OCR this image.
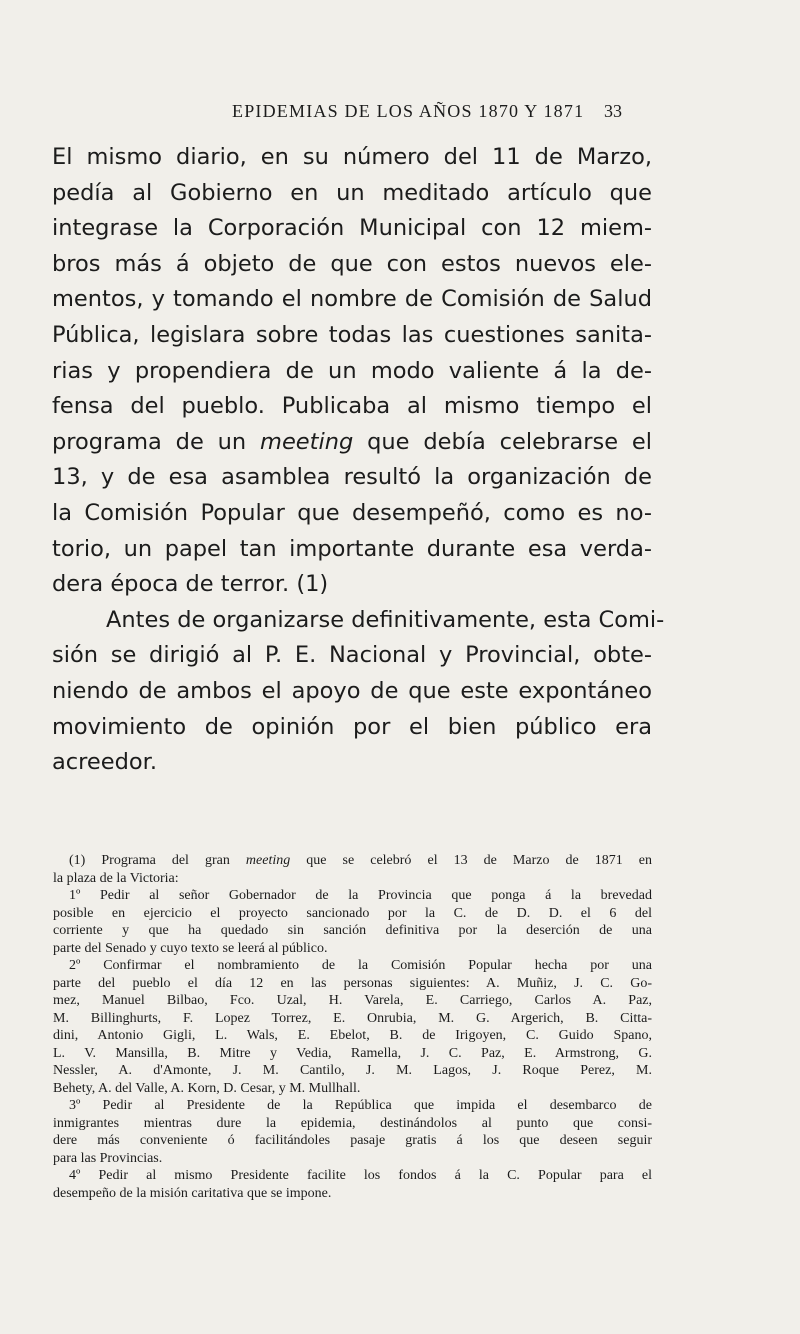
EPIDEMIAS DE LOS AÑOS 1870 Y 1871 33
El mismo diario, en su número del 11 de Marzo,
pedía al Gobierno en un meditado artículo que
integrase la Corporación Municipal con 12 miem-
bros más á objeto de que con estos nuevos ele-
mentos, y tomando el nombre de Comisión de Salud
Pública, legislara sobre todas las cuestiones sanita-
rias y propendiera de un modo valiente á la de-
fensa del pueblo. Publicaba al mismo tiempo el
programa de un meeting que debía celebrarse el
13, y de esa asamblea resultó la organización de
la Comisión Popular que desempeñó, como es no-
torio, un papel tan importante durante esa verda-
dera época de terror. (1)
Antes de organizarse definitivamente, esta Comi-
sión se dirigió al P. E. Nacional y Provincial, obte-
niendo de ambos el apoyo de que este expontáneo
movimiento de opinión por el bien público era
acreedor.
(1) Programa del gran meeting que se celebró el 13 de Marzo de 1871 en
la plaza de la Victoria:
1º Pedir al señor Gobernador de la Provincia que ponga á la brevedad
posible en ejercicio el proyecto sancionado por la C. de D. D. el 6 del
corriente y que ha quedado sin sanción definitiva por la deserción de una
parte del Senado y cuyo texto se leerá al público.
2º Confirmar el nombramiento de la Comisión Popular hecha por una
parte del pueblo el día 12 en las personas siguientes: A. Muñiz, J. C. Go-
mez, Manuel Bilbao, Fco. Uzal, H. Varela, E. Carriego, Carlos A. Paz,
M. Billinghurts, F. Lopez Torrez, E. Onrubia, M. G. Argerich, B. Citta-
dini, Antonio Gigli, L. Wals, E. Ebelot, B. de Irigoyen, C. Guido Spano,
L. V. Mansilla, B. Mitre y Vedia, Ramella, J. C. Paz, E. Armstrong, G.
Nessler, A. d'Amonte, J. M. Cantilo, J. M. Lagos, J. Roque Perez, M.
Behety, A. del Valle, A. Korn, D. Cesar, y M. Mullhall.
3º Pedir al Presidente de la República que impida el desembarco de
inmigrantes mientras dure la epidemia, destinándolos al punto que consi-
dere más conveniente ó facilitándoles pasaje gratis á los que deseen seguir
para las Provincias.
4º Pedir al mismo Presidente facilite los fondos á la C. Popular para el
desempeño de la misión caritativa que se impone.
